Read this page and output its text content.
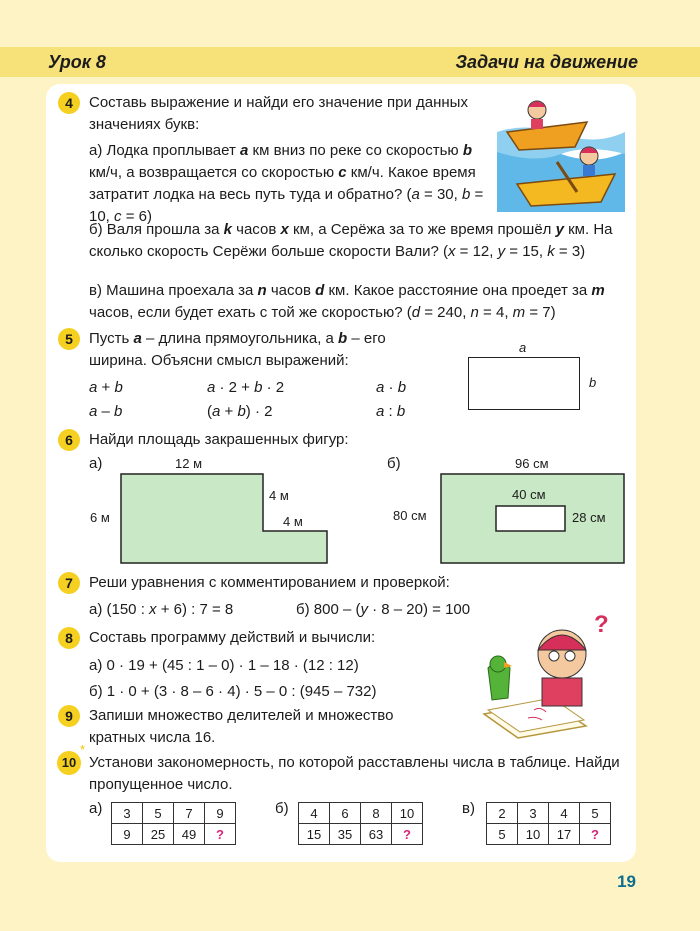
Урок 8	Задачи на движение
4	Составь выражение и найди его значение при данных значениях букв:
а) Лодка проплывает a км вниз по реке со скоростью b км/ч, а возвращается со скоростью c км/ч. Какое время затратит лодка на весь путь туда и обратно? (a = 30, b = 10, c = 6)
б) Валя прошла за k часов x км, а Серёжа за то же время прошёл y км. На сколько скорость Серёжи больше скорости Вали? (x = 12, y = 15, k = 3)
в) Машина проехала за n часов d км. Какое расстояние она проедет за m часов, если будет ехать с той же скоростью? (d = 240, n = 4, m = 7)
5	Пусть a – длина прямоугольника, а b – его ширина. Объясни смысл выражений:
a + b	a · 2 + b · 2	a · b
a – b	(a + b) · 2	a : b
a
b
6	Найди площадь закрашенных фигур:
а)	12 м
6 м
4 м
4 м
б)	96 см
80 см
40 см
28 см
7	Реши уравнения с комментированием и проверкой:
а) (150 : x + 6) : 7 = 8	б) 800 – (y · 8 – 20) = 100
8	Составь программу действий и вычисли:
а) 0 · 19 + (45 : 1 – 0) · 1 – 18 · (12 : 12)
б) 1 · 0 + (3 · 8 – 6 · 4) · 5 – 0 : (945 – 732)
?
9	Запиши множество делителей и множество кратных числа 16.
10
*
Установи закономерность, по которой расставлены числа в таблице. Найди пропущенное число.
а) 3	5	7	9
9	25	49	?
б) 4	6	8	10
15	35	63	?
в) 2	3	4	5
5	10	17	?
19
